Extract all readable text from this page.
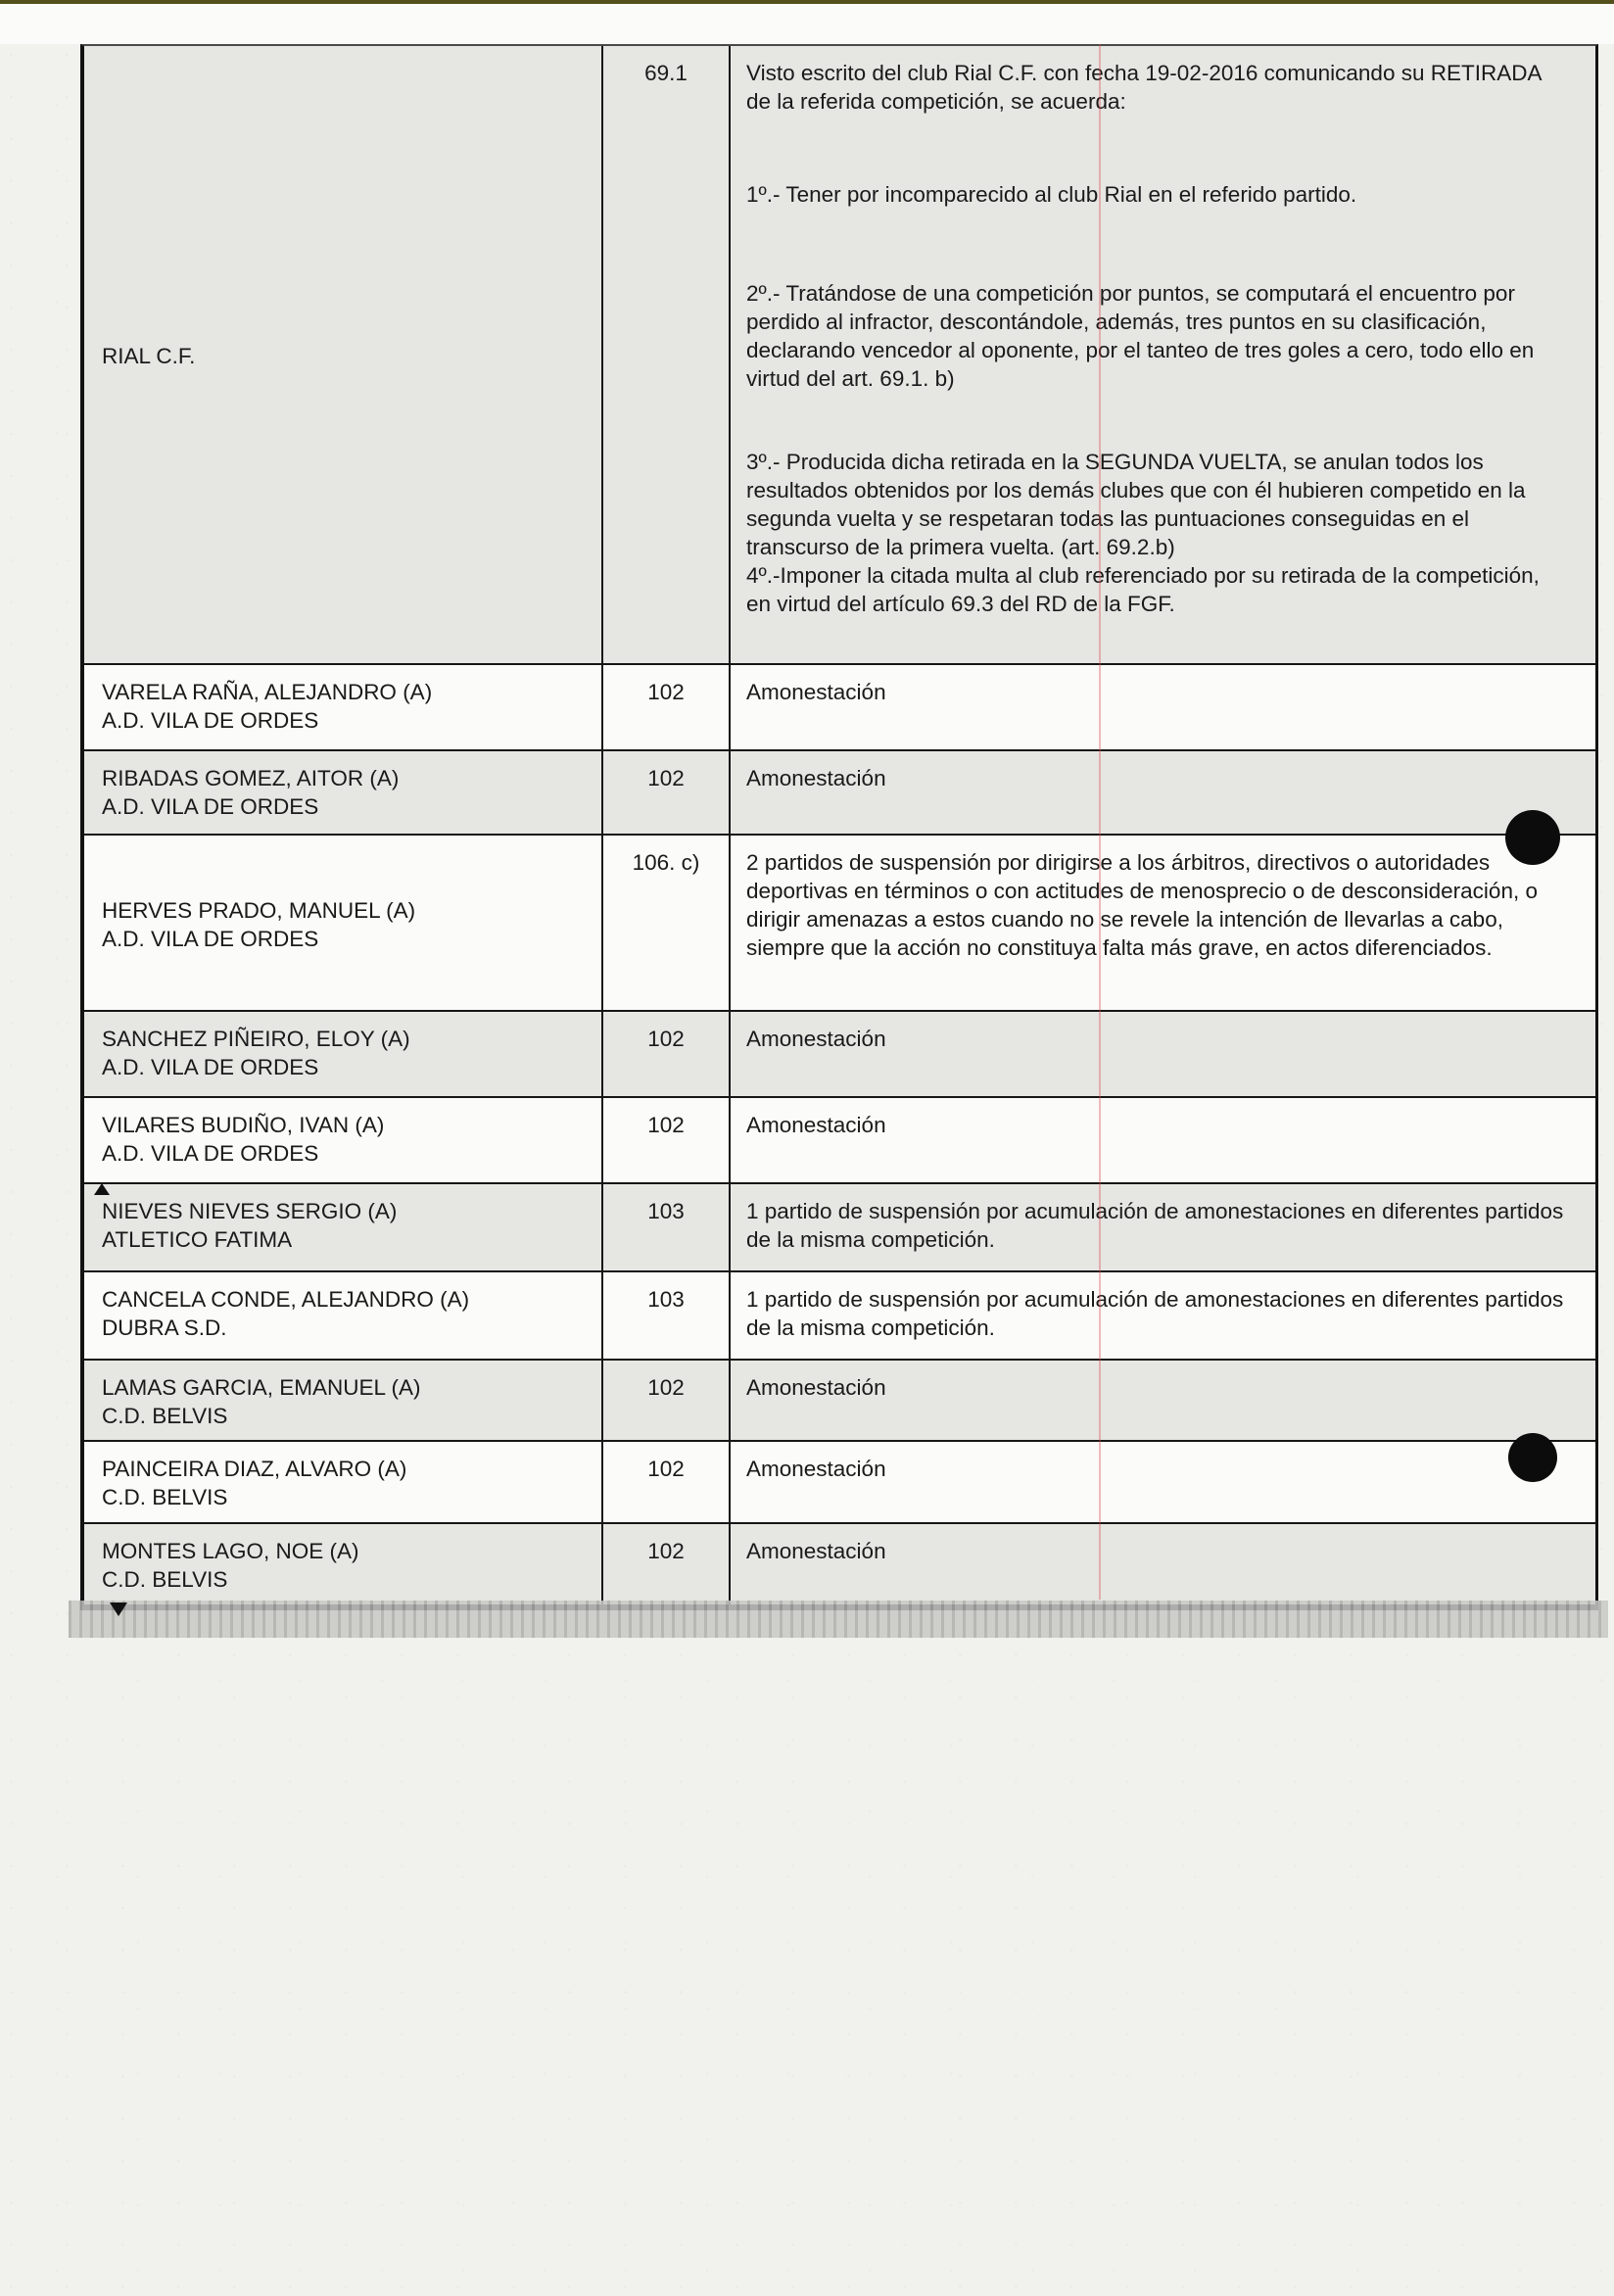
RIAL C.F.
69.1	Visto escrito del club Rial C.F. con fecha 19-02-2016 comunicando su RETIRADA de la referida competición, se acuerda:

1º.- Tener por incomparecido al club Rial en el referido partido.

2º.- Tratándose de una competición por puntos, se computará el encuentro por perdido al infractor, descontándole, además, tres puntos en su clasificación, declarando vencedor al oponente, por el tanteo de tres goles a cero, todo ello en virtud del art. 69.1. b)

3º.- Producida dicha retirada en la SEGUNDA VUELTA, se anulan todos los resultados obtenidos por los demás clubes que con él hubieren competido en la segunda vuelta y se respetaran todas las puntuaciones conseguidas en el transcurso de la primera vuelta. (art. 69.2.b)

4º.-Imponer la citada multa al club referenciado por su retirada de la competición, en virtud del artículo 69.3 del RD de la FGF.

VARELA RAÑA, ALEJANDRO (A)
A.D. VILA DE ORDES
102	Amonestación

RIBADAS GOMEZ, AITOR (A)
A.D. VILA DE ORDES
102	Amonestación

HERVES PRADO, MANUEL (A)
A.D. VILA DE ORDES
106. c)	2 partidos de suspensión por dirigirse a los árbitros, directivos o autoridades deportivas en términos o con actitudes de menosprecio o de desconsideración, o dirigir amenazas a estos cuando no se revele la intención de llevarlas a cabo, siempre que la acción no constituya falta más grave, en actos diferenciados.

SANCHEZ PIÑEIRO, ELOY (A)
A.D. VILA DE ORDES
102	Amonestación

VILARES BUDIÑO, IVAN (A)
A.D. VILA DE ORDES
102	Amonestación

NIEVES NIEVES SERGIO (A)
ATLETICO FATIMA
103	1 partido de suspensión por acumulación de amonestaciones en diferentes partidos de la misma competición.

CANCELA CONDE, ALEJANDRO (A)
DUBRA S.D.
103	1 partido de suspensión por acumulación de amonestaciones en diferentes partidos de la misma competición.

LAMAS GARCIA, EMANUEL (A)
C.D. BELVIS
102	Amonestación

PAINCEIRA DIAZ, ALVARO (A)
C.D. BELVIS
102	Amonestación

MONTES LAGO, NOE (A)
C.D. BELVIS
102	Amonestación
